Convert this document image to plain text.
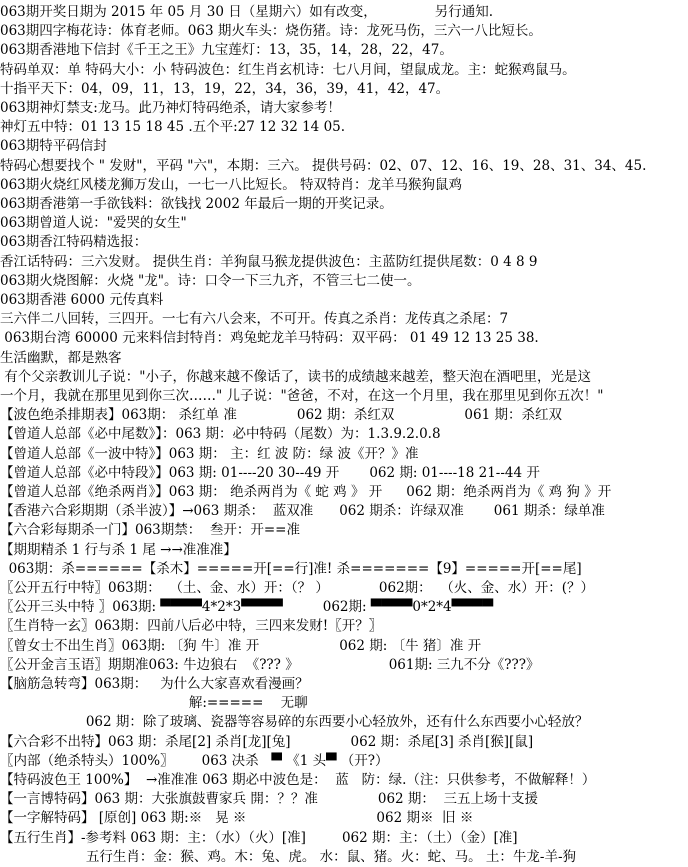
063期开奖日期为 2015 年 05 月 30 日（星期六）如有改变，	另行通知.
063期四字梅花诗：体育老师。063 期火车头：烧伤猪。诗：龙死马伤，三六一八比短长。
063期香港地下信封《千王之王》九宝莲灯：13，35，14，28，22，47。
特码单双：单 特码大小：小 特码波色：红生肖玄机诗：七八月间，望鼠成龙。主：蛇猴鸡鼠马。
十指平天下：04，09，11，13，19，22，34，36，39，41，42，47。
063期神灯禁支:龙马。此乃神灯特码绝杀，请大家参考！
神灯五中特：01 13 15 18 45 .五个平:27 12 32 14 05.
063期特平码信封
特码心想要找个 " 发财"，平码 "六"，本期：三六。 提供号码：02、07、12、16、19、28、31、34、45.
063期火烧红风楼龙狮万发山，一七一八比短长。 特双特肖：龙羊马猴狗鼠鸡
063期香港第一手欲钱料：欲钱找 2002 年最后一期的开奖记录。
063期曾道人说："爱哭的女生"
063期香江特码精选报：
香江话特码：三六发财。 提供生肖：羊狗鼠马猴龙提供波色：主蓝防红提供尾数：0 4 8 9
063期火烧图解：火烧 "龙"。诗：口令一下三九齐，不管三七二使一。
063期香港 6000 元传真料
三六伴二八回转，三四开。一七有六八会来，不可开。传真之杀肖：龙传真之杀尾：7
063期台湾 60000 元来料信封特肖：鸡兔蛇龙羊马特码：双平码： 01 49 12 13 25 38.
生活幽默，都是熟客
有个父亲教训儿子说："小子，你越来越不像话了，读书的成绩越来越差，整天泡在酒吧里，光是这
一个月，我就在那里见到你三次……" 儿子说："爸爸，不对，在这一个月里，我在那里见到你五次！"
【波色绝杀排期表】063期： 杀红单 准	062 期：杀红双	061 期：杀红双
【曾道人总部《必中尾数》】：063 期：必中特码（尾数）为：1.3.9.2.0.8
【曾道人总部《一波中特》】063 期： 主：红 波 防：绿 波《开？》准
【曾道人总部《必中特段》】063 期: 01----20 30--49 开 062 期: 01----18 21--44 开
【曾道人总部《绝杀两肖》】063 期： 绝杀两肖为《 蛇 鸡 》 开 062 期：绝杀两肖为《 鸡 狗 》开
【香港六合彩期期（杀半波）】→063 期杀：  蓝双准 062 期杀：许绿双准 061 期杀：绿单准
【六合彩每期杀一门】063期禁：  叁开：开==准
【期期精杀 1 行与杀 1 尾 →→准准准】
063期：杀======【杀木】=====开[==行]准! 杀=======【9】=====开[==尾]
〖公开五行中特〗063期：  （土、金、水）开：（？ ）	062期：  （火、金、水）开：(？）
〖公开三头中特 〗063期: ▀▀▀▀4*2*3▀▀▀▀	062期: ▀▀▀▀0*2*4▀▀▀▀
〖生肖特一玄〗063期：四前八后必中特，三四来发财!〖开？〗
〖曾女士不出生肖〗063期: 〔狗 牛〕准 开	062 期: 〔牛 猪〕准 开
〖公开金言玉语〗期期准063: 牛边狼右  《??? 》	061期: 三九不分《???》
【脑筋急转弯】063期：   为什么大家喜欢看漫画？
解:=====    无聊
062 期：除了玻璃、瓷器等容易碎的东西要小心轻放外，还有什么东西要小心轻放？
【六合彩不出特】063 期：杀尾[2] 杀肖[龙][兔]	062 期：杀尾[3] 杀肖[猴][鼠]
〖内部（绝杀特头）100%〗 063 决杀   ▀ 《1 头▀ （开?）
【特码波色王 100%】  →准准准 063 期必中波色是：  蓝   防：绿.（注：只供参考，不做解释！）
【一言博特码】063 期：大张旗鼓曹家兵 開：？？准	062 期：  三五上场十支援
【一字解特码】 [原创] 063 期:※   晃 ※	062 期※  旧 ※
【五行生肖】-参考料 063 期：主：（水）（火）[准]	062 期：主：（土）（金）[准]
五行生肖：金：猴、鸡。木：兔、虎。 水：鼠、猪。火：蛇、马。 土：牛龙-羊-狗
